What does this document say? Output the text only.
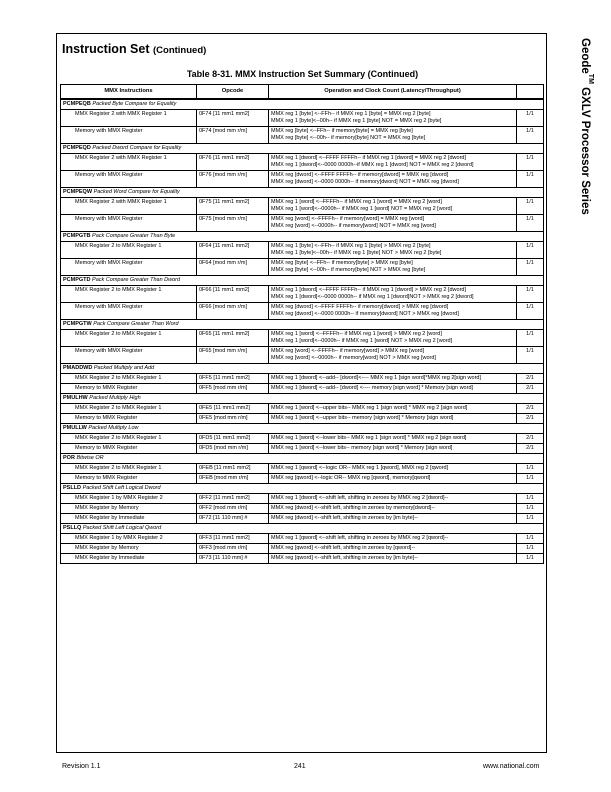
Geode™ GXLV Processor Series
Instruction Set (Continued)
Table 8-31. MMX Instruction Set Summary (Continued)
MMX Instructions	Opcode	Operation and Clock Count (Latency/Throughput)	
PCMPEQB Packed Byte Compare for Equality			
MMX Register 2 with MMX Register 1	0F74 [11 mm1 mm2]	MMX reg 1 [byte] <--FFh-- if MMX reg 1 [byte] = MMX reg 2 [byte]
MMX reg 1 [byte]<--00h-- if MMX reg 1 [byte] NOT = MMX reg 2 [byte]	1/1
Memory with MMX Register	0F74 [mod mm r/m]	MMX reg [byte] <--FFh-- if memory[byte] = MMX reg [byte]
MMX reg [byte] <--00h-- if memory[byte] NOT = MMX reg [byte]	1/1
PCMPEQD Packed Dword Compare for Equality			
MMX Register 2 with MMX Register 1	0F76 [11 mm1 mm2]	MMX reg 1 [dword] <--FFFF FFFFh-- if MMX reg 1 [dword] = MMX reg 2 [dword]
MMX reg 1 [dword]<--0000 0000h--if MMX reg 1 [dword] NOT = MMX reg 2 [dword]	1/1
Memory with MMX Register	0F76 [mod mm r/m]	MMX reg [dword] <--FFFF FFFFh-- if memory[dword] = MMX reg [dword]
MMX reg [dword] <--0000 0000h-- if memory[dword] NOT = MMX reg [dword]	1/1
PCMPEQW Packed Word Compare for Equality			
MMX Register 2 with MMX Register 1	0F75 [11 mm1 mm2]	MMX reg 1 [word] <--FFFFh-- if MMX reg 1 [word] = MMX reg 2 [word]
MMX reg 1 [word]<--0000h-- if MMX reg 1 [word] NOT = MMX reg 2 [word]	1/1
Memory with MMX Register	0F75 [mod mm r/m]	MMX reg [word] <--FFFFh-- if memory[word] = MMX reg [word]
MMX reg [word] <--0000h-- if memory[word] NOT = MMX reg [word]	1/1
PCMPGTB Pack Compare Greater Than Byte			
MMX Register 2 to MMX Register 1	0F64 [11 mm1 mm2]	MMX reg 1 [byte] <--FFh-- if MMX reg 1 [byte] > MMX reg 2 [byte]
MMX reg 1 [byte]<--00h-- if MMX reg 1 [byte] NOT > MMX reg 2 [byte]	1/1
Memory with MMX Register	0F64 [mod mm r/m]	MMX reg [byte] <--FFh-- if memory[byte] > MMX reg [byte]
MMX reg [byte] <--00h-- if memory[byte] NOT > MMX reg [byte]	1/1
PCMPGTD Pack Compare Greater Than Dword			
MMX Register 2 to MMX Register 1	0F66 [11 mm1 mm2]	MMX reg 1 [dword] <--FFFF FFFFh-- if MMX reg 1 [dword] > MMX reg 2 [dword]
MMX reg 1 [dword]<--0000 0000h-- if MMX reg 1 [dword]NOT > MMX reg 2 [dword]	1/1
Memory with MMX Register	0F66 [mod mm r/m]	MMX reg [dword] <--FFFF FFFFh-- if memory[dword] > MMX reg [dword]
MMX reg [dword] <--0000 0000h-- if memory[dword] NOT > MMX reg [dword]	1/1
PCMPGTW Pack Compare Greater Than Word			
MMX Register 2 to MMX Register 1	0F65 [11 mm1 mm2]	MMX reg 1 [word] <--FFFFh-- if MMX reg 1 [word] > MMX reg 2 [word]
MMX reg 1 [word]<--0000h-- if MMX reg 1 [word] NOT > MMX reg 2 [word]	1/1
Memory with MMX Register	0F65 [mod mm r/m]	MMX reg [word] <--FFFFh-- if memory[word] > MMX reg [word]
MMX reg [word] <--0000h-- if memory[word] NOT > MMX reg [word]	1/1
PMADDWD Packed Multiply and Add			
MMX Register 2 to MMX Register 1	0FF5 [11 mm1 mm2]	MMX reg 1 [dword] <--add-- [dword]<---- MMX reg 1 [sign word]*MMX reg 2[sign word]	2/1
Memory to MMX Register	0FF5 [mod mm r/m]	MMX reg 1 [dword] <--add-- [dword] <---- memory [sign word] * Memory [sign word]	2/1
PMULHW Packed Multiply High			
MMX Register 2 to MMX Register 1	0FE5 [11 mm1 mm2]	MMX reg 1 [word] <--upper bits-- MMX reg 1 [sign word] * MMX reg 2 [sign word]	2/1
Memory to MMX Register	0FE5 [mod mm r/m]	MMX reg 1 [word] <--upper bits-- memory [sign word] * Memory [sign word]	2/1
PMULLW Packed Multiply Low			
MMX Register 2 to MMX Register 1	0FD5 [11 mm1 mm2]	MMX reg 1 [word] <--lower bits-- MMX reg 1 [sign word] * MMX reg 2 [sign word]	2/1
Memory to MMX Register	0FD5 [mod mm r/m]	MMX reg 1 [word] <--lower bits-- memory [sign word] * Memory [sign word]	2/1
POR Bitwise OR			
MMX Register 2 to MMX Register 1	0FEB [11 mm1 mm2]	MMX reg 1 [qword] <--logic OR-- MMX reg 1 [qword], MMX reg 2 [qword]	1/1
Memory to MMX Register	0FEB [mod mm r/m]	MMX reg [qword] <--logic OR-- MMX reg [qword], memory[qword]	1/1
PSLLD Packed Shift Left Logical Dword			
MMX Register 1 by MMX Register 2	0FF2 [11 mm1 mm2]	MMX reg 1 [dword] <--shift left, shifting in zeroes by MMX reg 2 [dword]--	1/1
MMX Register by Memory	0FF2 [mod mm r/m]	MMX reg [dword] <--shift left, shifting in zeroes by memory[dword]--	1/1
MMX Register by Immediate	0F72 [11 110 mm] #	MMX reg [dword] <--shift left, shifting in zeroes by [im byte]--	1/1
PSLLQ Packed Shift Left Logical Qword			
MMX Register 1 by MMX Register 2	0FF3 [11 mm1 mm2]	MMX reg 1 [qword] <--shift left, shifting in zeroes by MMX reg 2 [qword]--	1/1
MMX Register by Memory	0FF3 [mod mm r/m]	MMX reg [qword] <--shift left, shifting in zeroes by [qword]--	1/1
MMX Register by Immediate	0F73 [11 110 mm] #	MMX reg [qword] <--shift left, shifting in zeroes by [im byte]--	1/1
Revision 1.1	241	www.national.com
